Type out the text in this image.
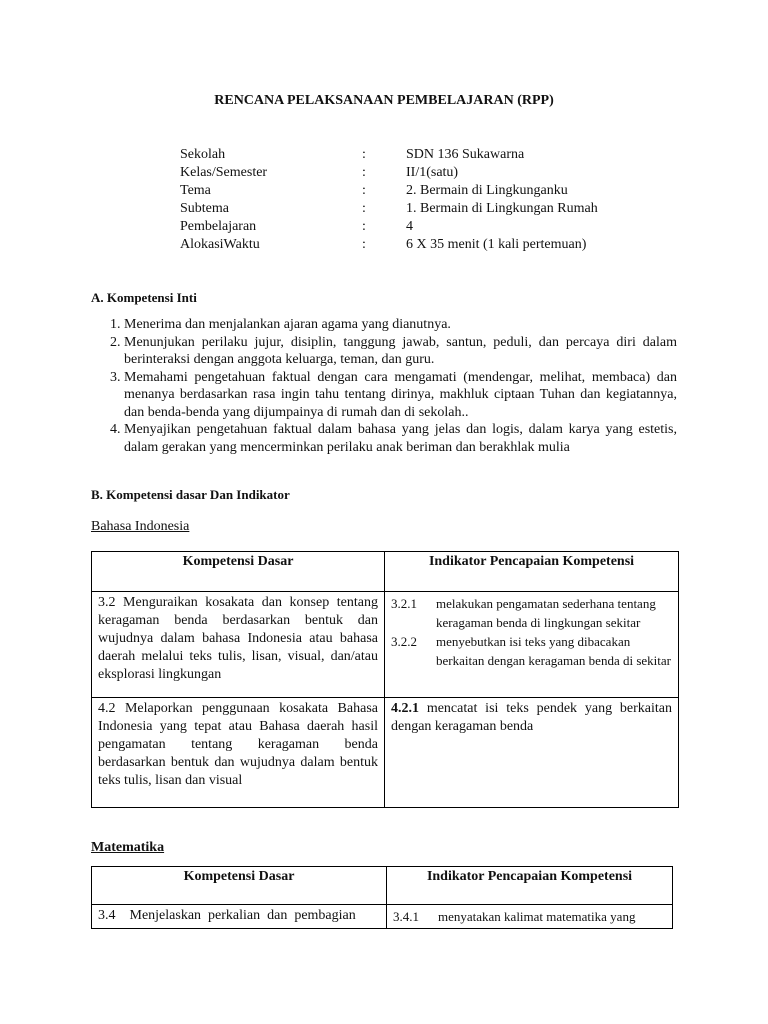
RENCANA PELAKSANAAN PEMBELAJARAN (RPP)
Sekolah	:	SDN 136 Sukawarna
Kelas/Semester	:	II/1(satu)
Tema	:	2. Bermain di Lingkunganku
Subtema	:	1. Bermain di Lingkungan Rumah
Pembelajaran	:	4
AlokasiWaktu	:	6 X 35 menit (1 kali pertemuan)
A. Kompetensi Inti
1. Menerima dan menjalankan ajaran agama yang dianutnya.
2. Menunjukan perilaku jujur, disiplin, tanggung jawab, santun, peduli, dan percaya diri dalam berinteraksi dengan anggota keluarga, teman, dan guru.
3. Memahami pengetahuan faktual dengan cara mengamati (mendengar, melihat, membaca) dan menanya berdasarkan rasa ingin tahu tentang dirinya, makhluk ciptaan Tuhan dan kegiatannya, dan benda-benda yang dijumpainya di rumah dan di sekolah..
4. Menyajikan pengetahuan faktual dalam bahasa yang jelas dan logis, dalam karya yang estetis, dalam gerakan yang mencerminkan perilaku anak beriman dan berakhlak mulia
B. Kompetensi dasar Dan Indikator
Bahasa Indonesia
Kompetensi Dasar	Indikator Pencapaian Kompetensi

3.2 Menguraikan kosakata dan konsep tentang keragaman benda berdasarkan bentuk dan wujudnya dalam bahasa Indonesia atau bahasa daerah melalui teks tulis, lisan, visual, dan/atau eksplorasi lingkungan	3.2.1 melakukan pengamatan sederhana tentang keragaman benda di lingkungan sekitar
3.2.2 menyebutkan isi teks yang dibacakan berkaitan dengan keragaman benda di sekitar

4.2 Melaporkan penggunaan kosakata Bahasa Indonesia yang tepat atau Bahasa daerah hasil pengamatan tentang keragaman benda berdasarkan bentuk dan wujudnya dalam bentuk teks tulis, lisan dan visual	4.2.1 mencatat isi teks pendek yang berkaitan dengan keragaman benda
Matematika
Kompetensi Dasar	Indikator Pencapaian Kompetensi

3.4    Menjelaskan  perkalian  dan  pembagian	3.4.1 menyatakan kalimat matematika yang
